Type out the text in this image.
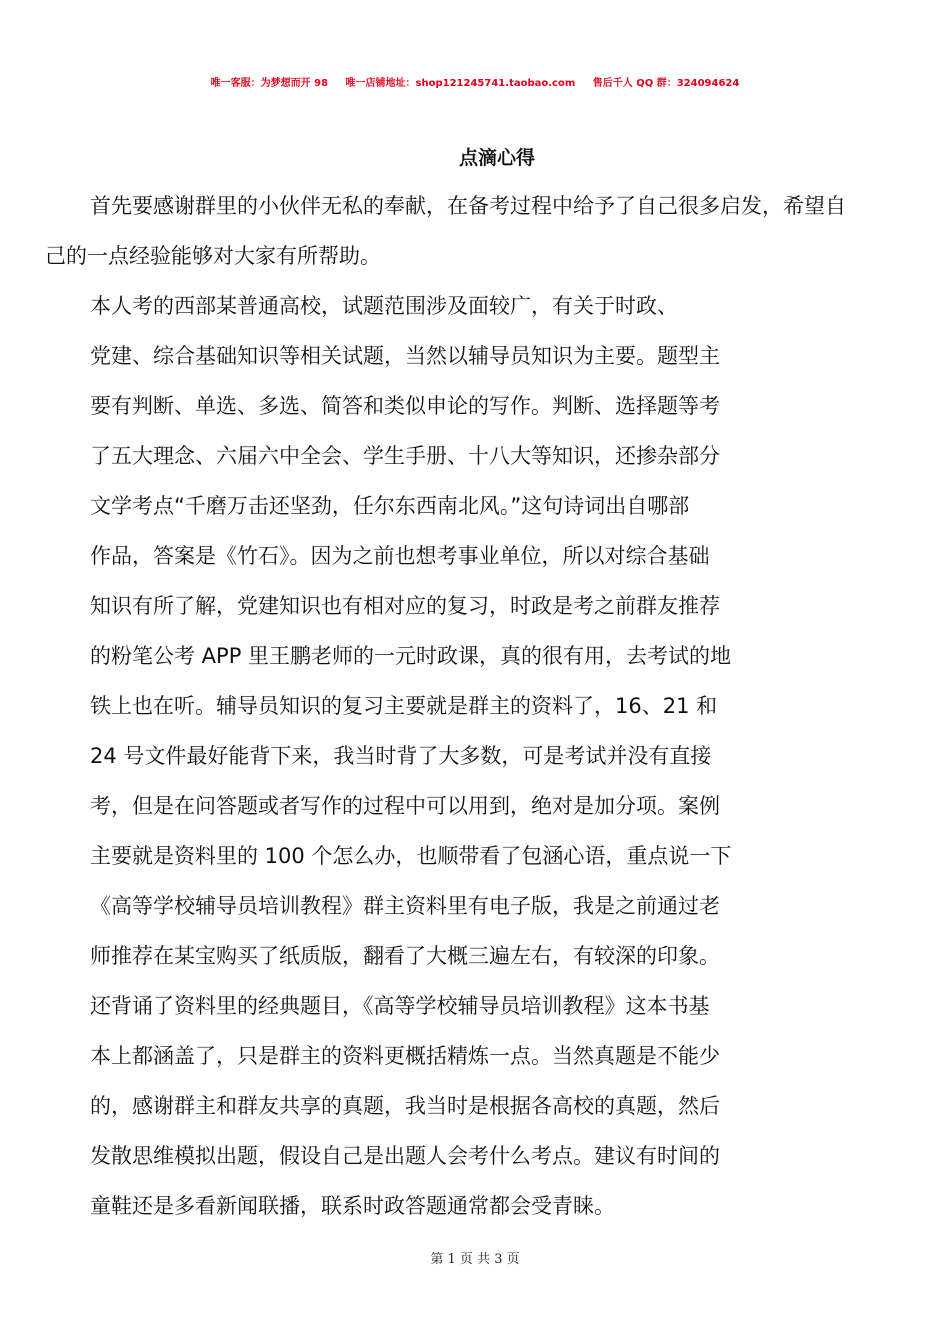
唯一客服：为梦想而开 98 唯一店铺地址：shop121245741.taobao.com 售后千人 QQ 群：324094624
点滴心得
首先要感谢群里的小伙伴无私的奉献，在备考过程中给予了自己很多启发，希望自
己的一点经验能够对大家有所帮助。
本人考的西部某普通高校，试题范围涉及面较广，有关于时政、
党建、综合基础知识等相关试题，当然以辅导员知识为主要。题型主
要有判断、单选、多选、简答和类似申论的写作。判断、选择题等考
了五大理念、六届六中全会、学生手册、十八大等知识，还掺杂部分
文学考点“千磨万击还坚劲，任尔东西南北风。”这句诗词出自哪部
作品，答案是《竹石》。因为之前也想考事业单位，所以对综合基础
知识有所了解，党建知识也有相对应的复习，时政是考之前群友推荐
的粉笔公考 APP 里王鹏老师的一元时政课，真的很有用，去考试的地
铁上也在听。辅导员知识的复习主要就是群主的资料了，16、21 和
24 号文件最好能背下来，我当时背了大多数，可是考试并没有直接
考，但是在问答题或者写作的过程中可以用到，绝对是加分项。案例
主要就是资料里的 100 个怎么办，也顺带看了包涵心语，重点说一下
《高等学校辅导员培训教程》群主资料里有电子版，我是之前通过老
师推荐在某宝购买了纸质版，翻看了大概三遍左右，有较深的印象。
还背诵了资料里的经典题目，《高等学校辅导员培训教程》这本书基
本上都涵盖了，只是群主的资料更概括精炼一点。当然真题是不能少
的，感谢群主和群友共享的真题，我当时是根据各高校的真题，然后
发散思维模拟出题，假设自己是出题人会考什么考点。建议有时间的
童鞋还是多看新闻联播，联系时政答题通常都会受青睐。
第 1 页 共 3 页
